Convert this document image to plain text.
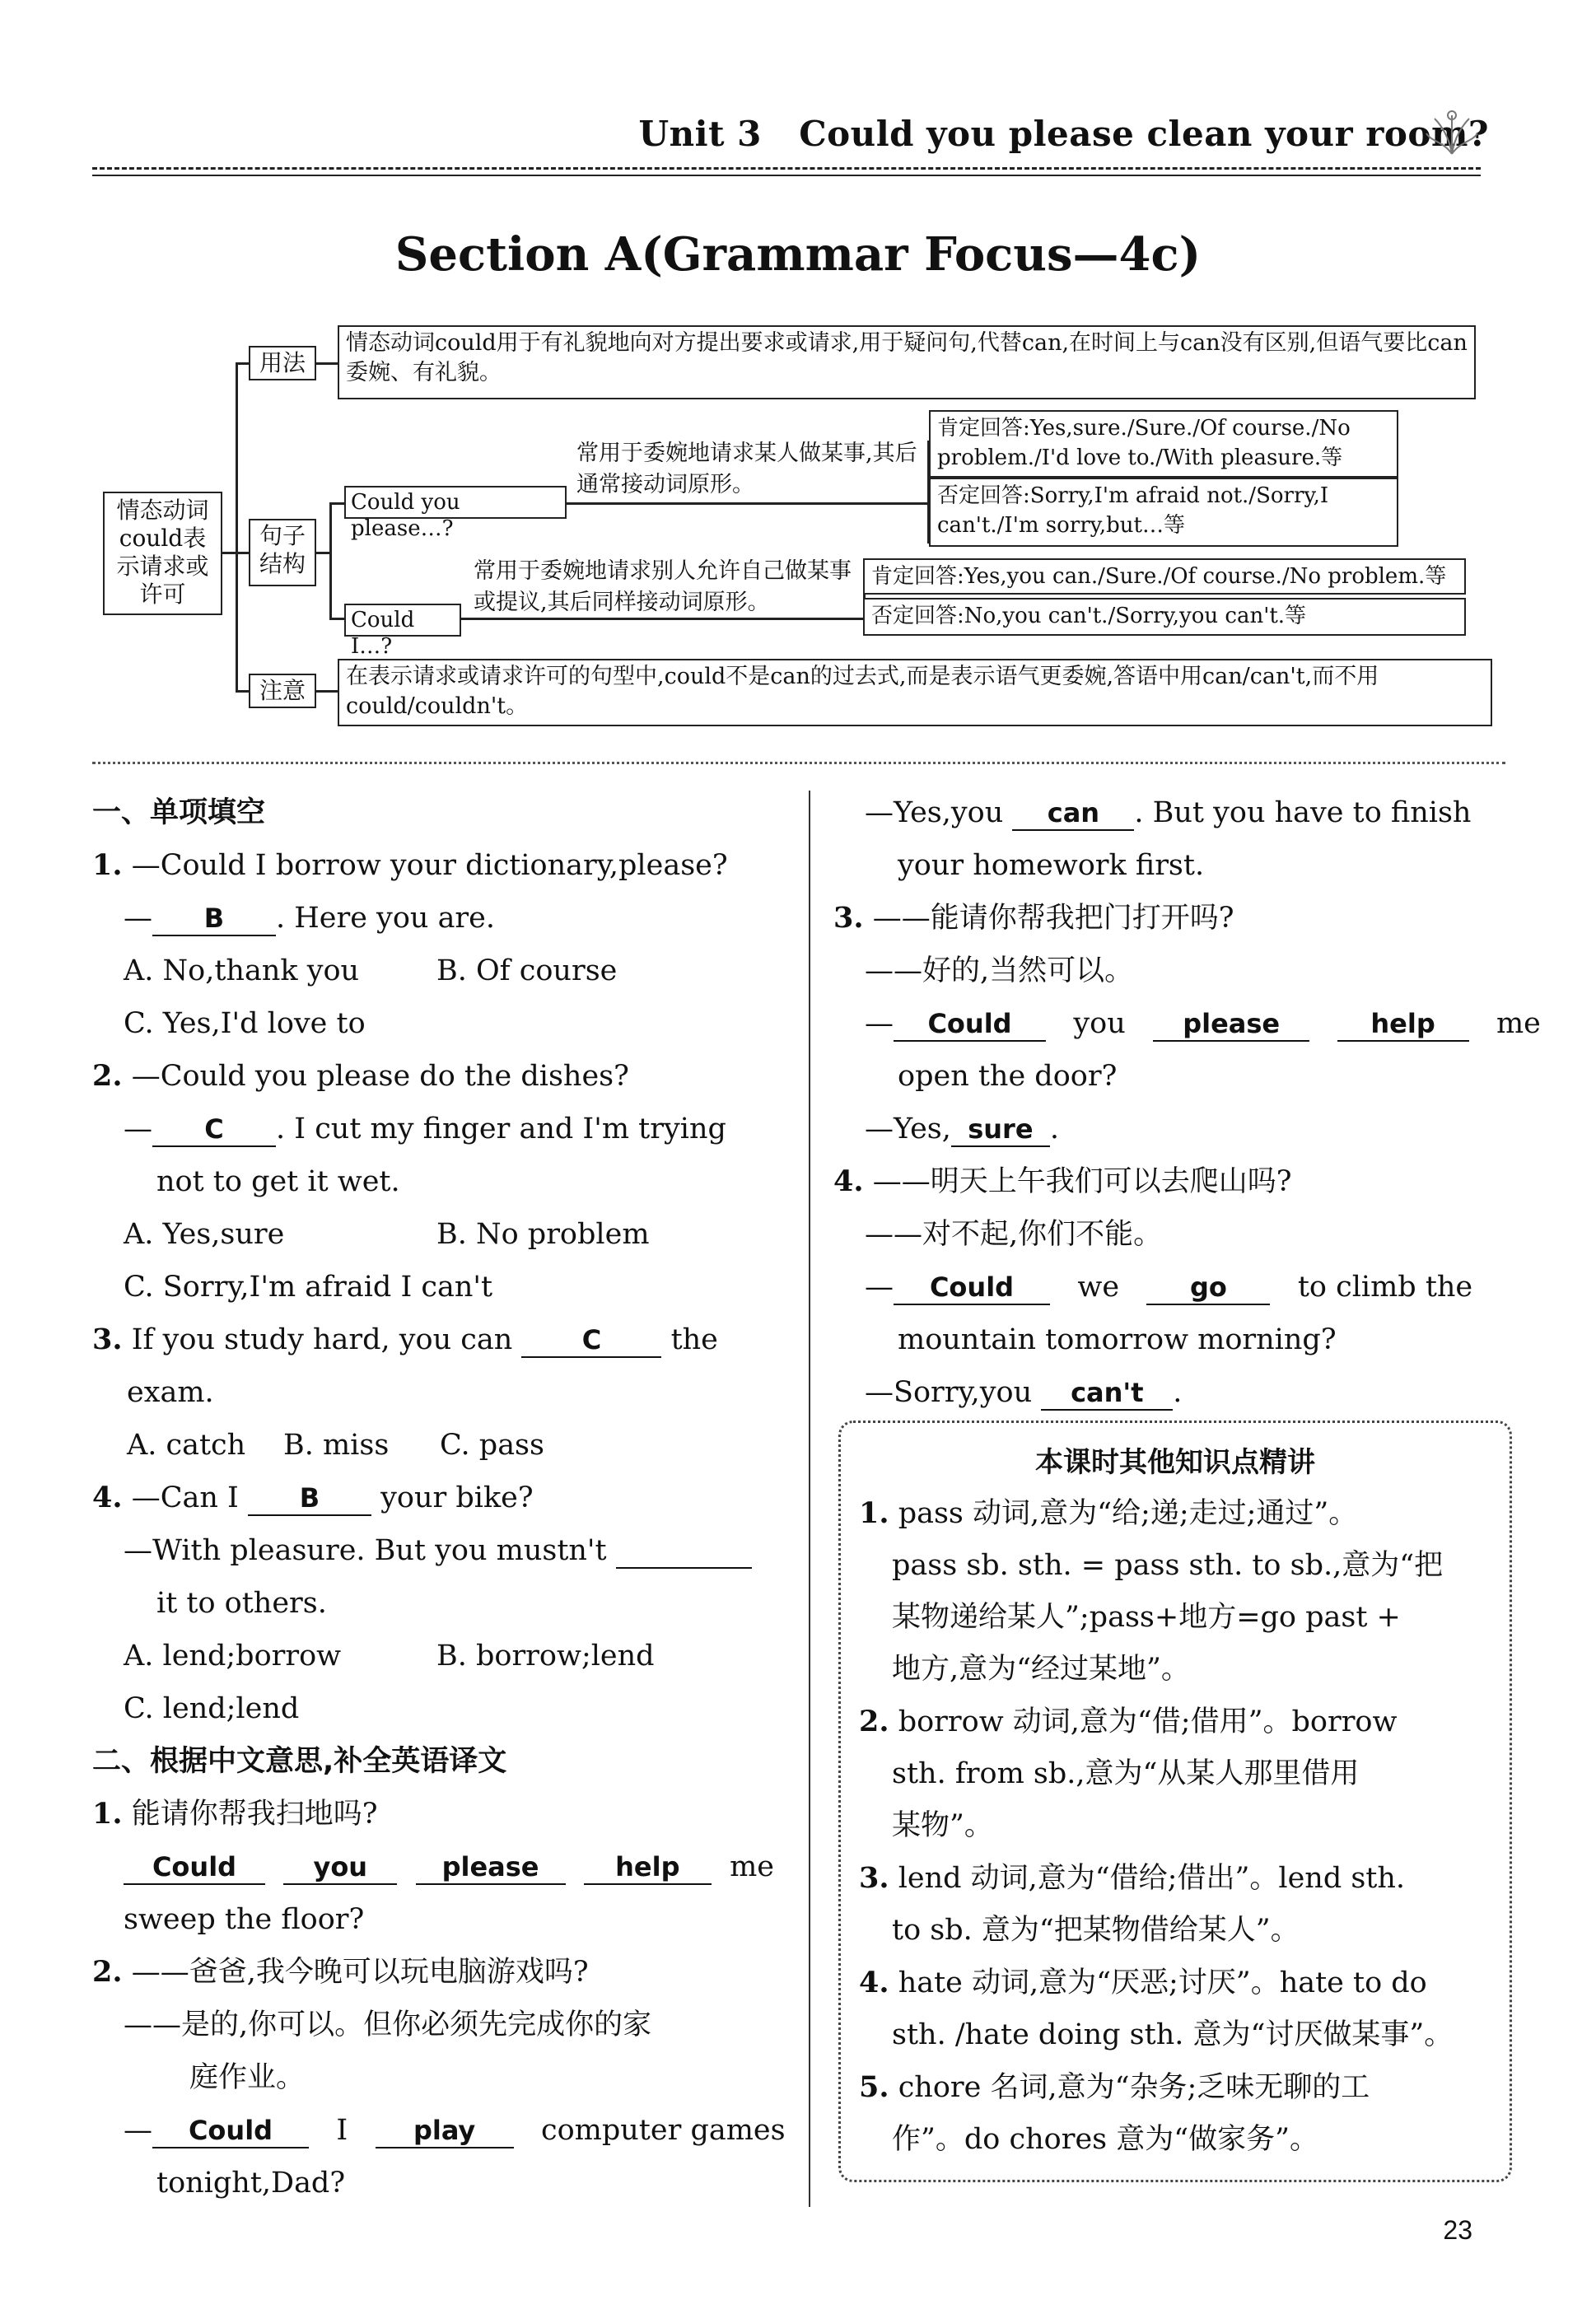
Unit 3 Could you please clean your room?
Section A(Grammar Focus—4c)
情态动词could表示请求或许可
用法
情态动词could用于有礼貌地向对方提出要求或请求,用于疑问句,代替can,在时间上与can没有区别,但语气要比can委婉、有礼貌。
句子结构
Could you please…?
常用于委婉地请求某人做某事,其后通常接动词原形。
肯定回答:Yes,sure./Sure./Of course./No problem./I'd love to./With pleasure.等
否定回答:Sorry,I'm afraid not./Sorry,I can't./I'm sorry,but…等
Could I…?
常用于委婉地请求别人允许自己做某事或提议,其后同样接动词原形。
肯定回答:Yes,you can./Sure./Of course./No problem.等
否定回答:No,you can't./Sorry,you can't.等
注意
在表示请求或请求许可的句型中,could不是can的过去式,而是表示语气更委婉,答语中用can/can't,而不用could/couldn't。

一、单项填空

1. —Could I borrow your dictionary,please?

— B . Here you are.

A. No,thank you	B. Of course

C. Yes,I'd love to

2. —Could you please do the dishes?

— C . I cut my finger and I'm trying

not to get it wet.

A. Yes,sure	B. No problem

C. Sorry,I'm afraid I can't

3. If you study hard, you can	C the

exam.

A. catch B. miss C. pass

4. —Can I B your bike?

—With pleasure. But you mustn't

it to others.

A. lend;borrow	B. borrow;lend

C. lend;lend

二、根据中文意思,补全英语译文

1. 能请你帮我扫地吗?

Could	you	please	help me

sweep the floor?

2. ——爸爸,我今晚可以玩电脑游戏吗?

——是的,你可以。但你必须先完成你的家

庭作业。

— Could I play computer games

tonight,Dad?

—Yes,you can . But you have to finish

your homework first.

3. ——能请你帮我把门打开吗?

——好的,当然可以。

— Could you please	help me

open the door?

—Yes, sure .

4. ——明天上午我们可以去爬山吗?

——对不起,你们不能。

— Could we	go to climb the

mountain tomorrow morning?

—Sorry,you can't .

本课时其他知识点精讲

1. pass 动词,意为“给;递;走过;通过”。

pass sb. sth. = pass sth. to sb.,意为“把

某物递给某人”;pass+地方=go past +

地方,意为“经过某地”。

2. borrow 动词,意为“借;借用”。borrow

sth. from sb.,意为“从某人那里借用

某物”。

3. lend 动词,意为“借给;借出”。lend sth.

to sb. 意为“把某物借给某人”。

4. hate 动词,意为“厌恶;讨厌”。hate to do

sth. /hate doing sth. 意为“讨厌做某事”。

5. chore 名词,意为“杂务;乏味无聊的工

作”。do chores 意为“做家务”。

23
